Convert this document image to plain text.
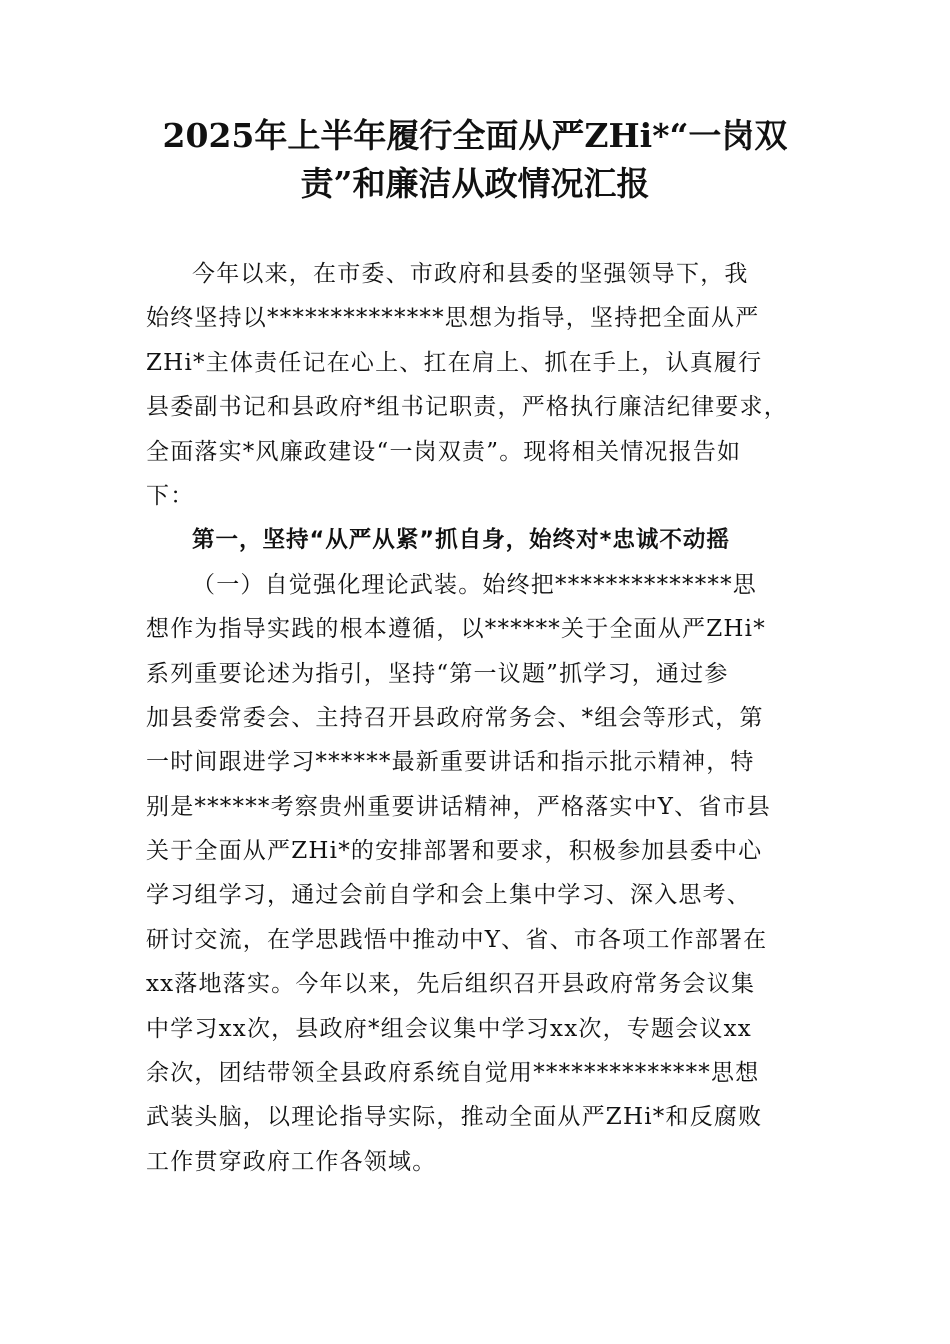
2025年上半年履行全面从严ZHi*“一岗双
责”和廉洁从政情况汇报
今年以来，在市委、市政府和县委的坚强领导下，我
始终坚持以**************思想为指导，坚持把全面从严
ZHi*主体责任记在心上、扛在肩上、抓在手上，认真履行
县委副书记和县政府*组书记职责，严格执行廉洁纪律要求，
全面落实*风廉政建设“一岗双责”。现将相关情况报告如
下：
第一，坚持“从严从紧”抓自身，始终对*忠诚不动摇
（一）自觉强化理论武装。始终把**************思
想作为指导实践的根本遵循，以******关于全面从严ZHi*
系列重要论述为指引，坚持“第一议题”抓学习，通过参
加县委常委会、主持召开县政府常务会、*组会等形式，第
一时间跟进学习******最新重要讲话和指示批示精神，特
别是******考察贵州重要讲话精神，严格落实中Y、省市县
关于全面从严ZHi*的安排部署和要求，积极参加县委中心
学习组学习，通过会前自学和会上集中学习、深入思考、
研讨交流，在学思践悟中推动中Y、省、市各项工作部署在
xx落地落实。今年以来，先后组织召开县政府常务会议集
中学习xx次，县政府*组会议集中学习xx次，专题会议xx
余次，团结带领全县政府系统自觉用**************思想
武装头脑，以理论指导实际，推动全面从严ZHi*和反腐败
工作贯穿政府工作各领域。
